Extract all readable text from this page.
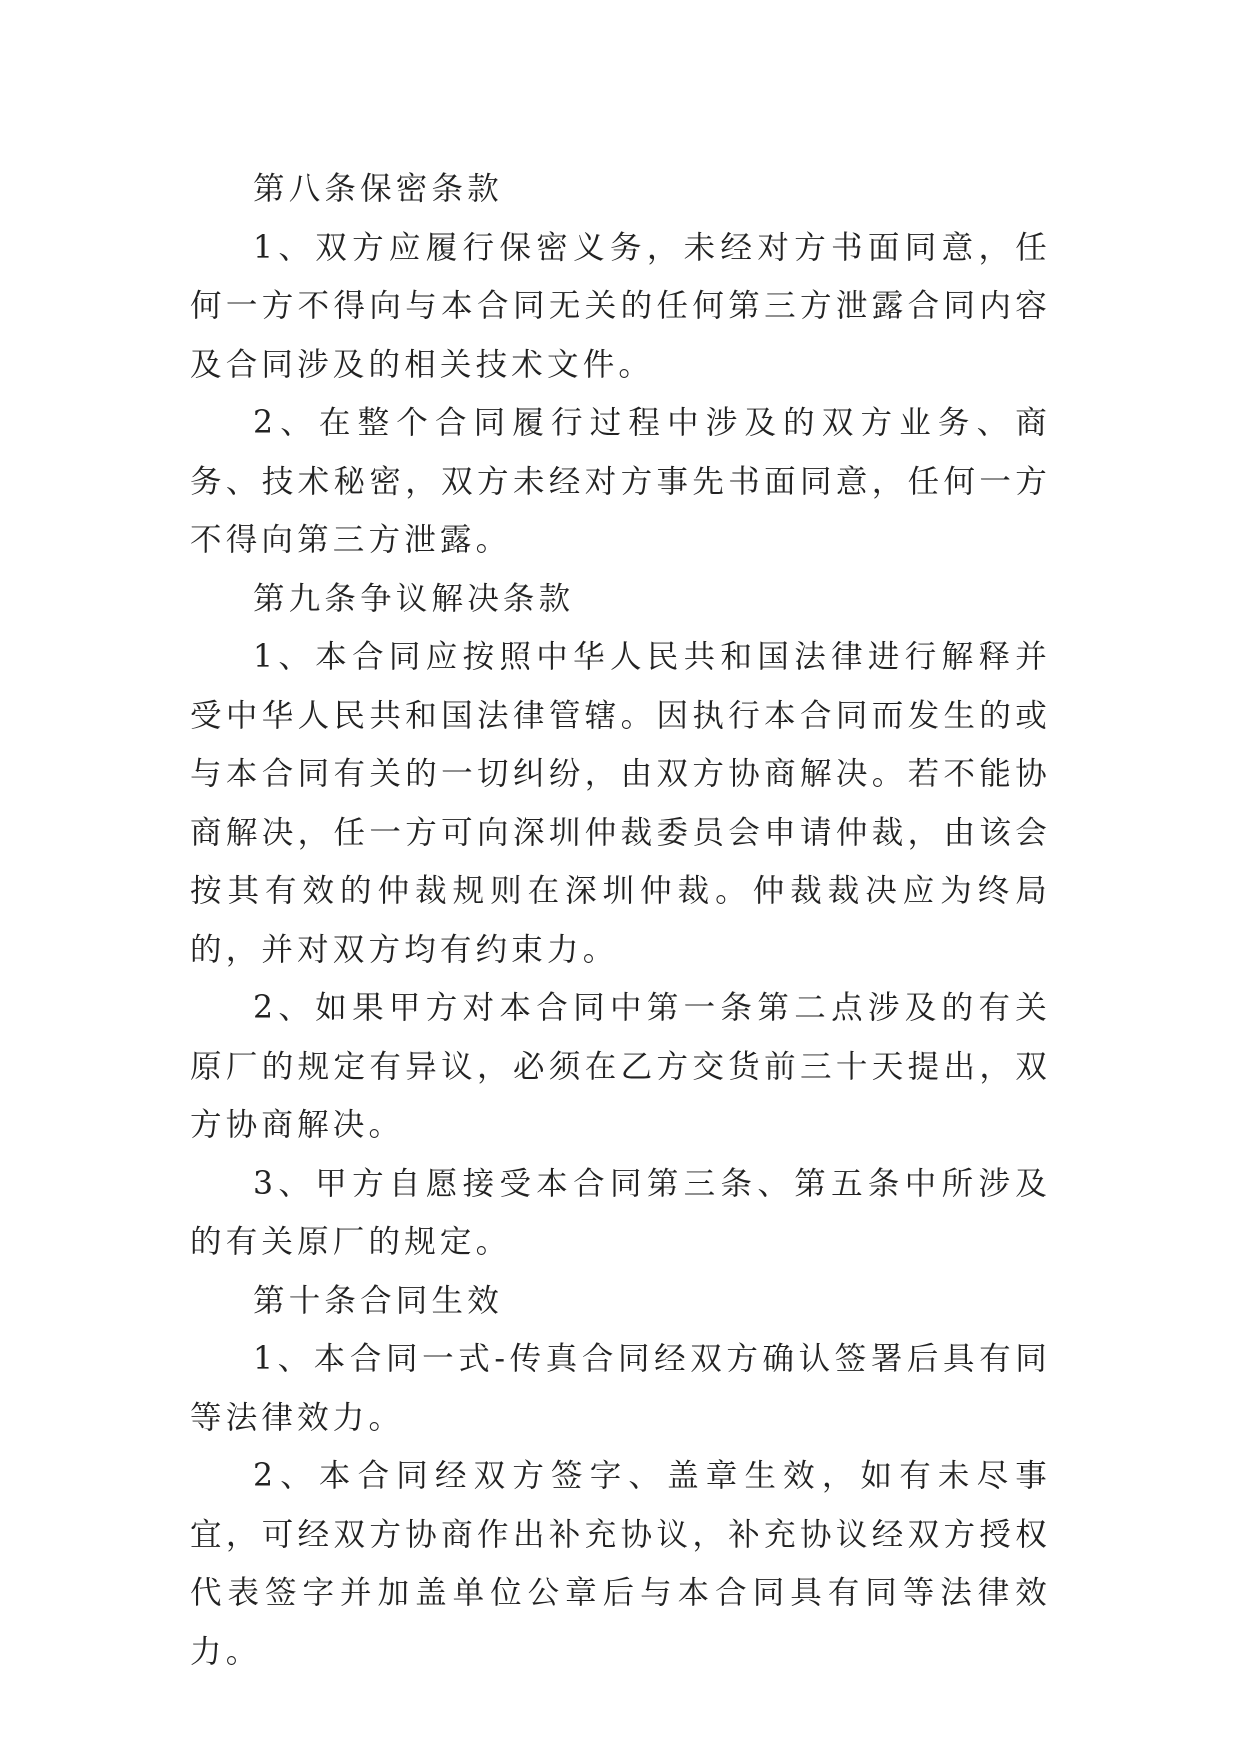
第八条保密条款

1、双方应履行保密义务，未经对方书面同意，任何一方不得向与本合同无关的任何第三方泄露合同内容及合同涉及的相关技术文件。

2、在整个合同履行过程中涉及的双方业务、商务、技术秘密，双方未经对方事先书面同意，任何一方不得向第三方泄露。

第九条争议解决条款

1、本合同应按照中华人民共和国法律进行解释并受中华人民共和国法律管辖。因执行本合同而发生的或与本合同有关的一切纠纷，由双方协商解决。若不能协商解决，任一方可向深圳仲裁委员会申请仲裁，由该会按其有效的仲裁规则在深圳仲裁。仲裁裁决应为终局的，并对双方均有约束力。

2、如果甲方对本合同中第一条第二点涉及的有关原厂的规定有异议，必须在乙方交货前三十天提出，双方协商解决。

3、甲方自愿接受本合同第三条、第五条中所涉及的有关原厂的规定。

第十条合同生效

1、本合同一式-传真合同经双方确认签署后具有同等法律效力。

2、本合同经双方签字、盖章生效，如有未尽事宜，可经双方协商作出补充协议，补充协议经双方授权代表签字并加盖单位公章后与本合同具有同等法律效力。
